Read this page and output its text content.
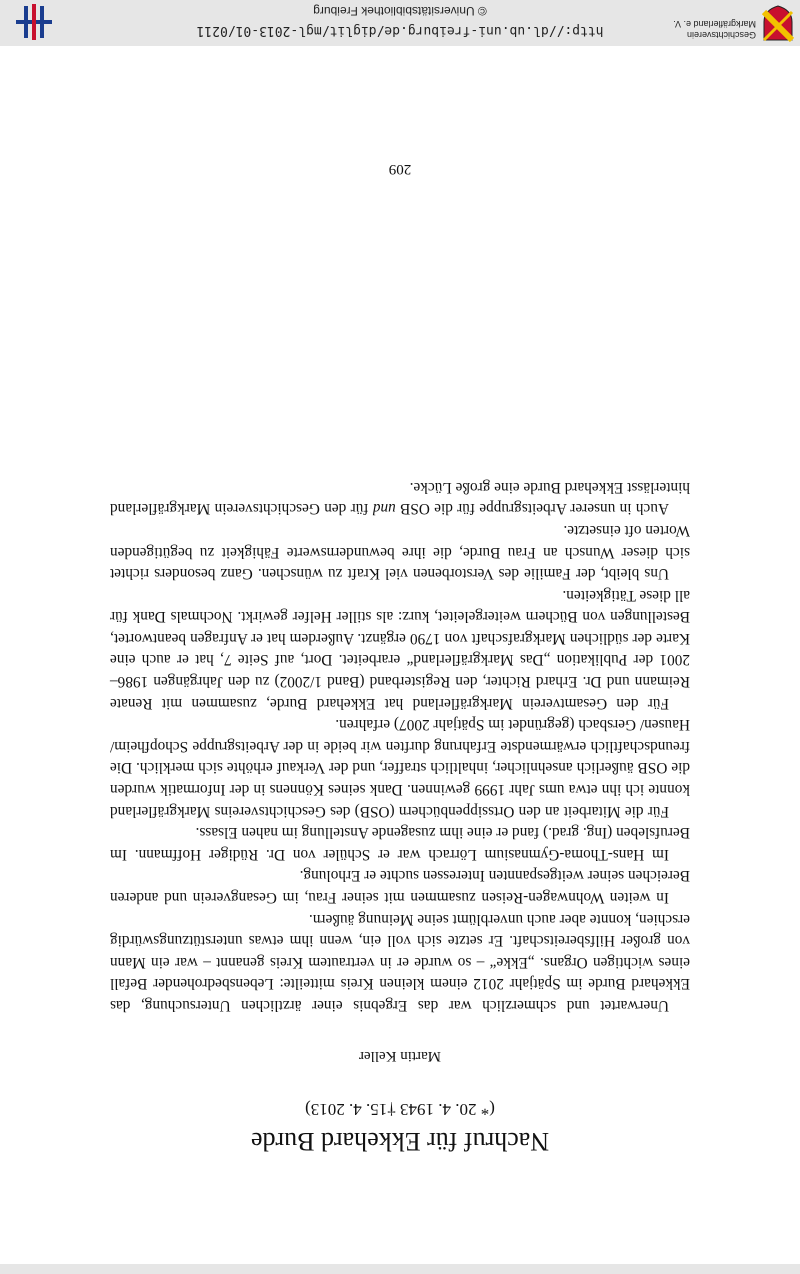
Nachruf für Ekkehard Burde
(* 20. 4. 1943 †15. 4. 2013)
Martin Keller

Unerwartet und schmerzlich war das Ergebnis einer ärztlichen Untersuchung, das Ekkehard Burde im Spätjahr 2012 einem kleinen Kreis mitteilte: Lebensbedrohender Befall eines wichtigen Organs. „Ekke“ – so wurde er in vertrautem Kreis genannt – war ein Mann von großer Hilfsbereitschaft. Er setzte sich voll ein, wenn ihm etwas unterstützungswürdig erschien, konnte aber auch unverblümt seine Meinung äußern.

In weiten Wohnwagen-Reisen zusammen mit seiner Frau, im Gesangverein und anderen Bereichen seiner weitgespannten Interessen suchte er Erholung.

Im Hans-Thoma-Gymnasium Lörrach war er Schüler von Dr. Rüdiger Hoffmann. Im Berufsleben (Ing. grad.) fand er eine ihm zusagende Anstellung im nahen Elsass.

Für die Mitarbeit an den Ortssippenbüchern (OSB) des Geschichtsvereins Markgräflerland konnte ich ihn etwa ums Jahr 1999 gewinnen. Dank seines Könnens in der Informatik wurden die OSB äußerlich ansehnlicher, inhaltlich straffer, und der Verkauf erhöhte sich merklich. Die freundschaftlich erwärmendste Erfahrung durften wir beide in der Arbeitsgruppe Schopfheim/ Hausen/ Gersbach (gegründet im Spätjahr 2007) erfahren.

Für den Gesamtverein Markgräflerland hat Ekkehard Burde, zusammen mit Renate Reimann und Dr. Erhard Richter, den Registerband (Band 1/2002) zu den Jahrgängen 1986–2001 der Publikation „Das Markgräflerland“ erarbeitet. Dort, auf Seite 7, hat er auch eine Karte der südlichen Markgrafschaft von 1790 ergänzt. Außerdem hat er Anfragen beantwortet, Bestellungen von Büchern weitergeleitet, kurz: als stiller Helfer gewirkt. Nochmals Dank für all diese Tätigkeiten.

Uns bleibt, der Familie des Verstorbenen viel Kraft zu wünschen. Ganz besonders richtet sich dieser Wunsch an Frau Burde, die ihre bewundernswerte Fähigkeit zu begütigenden Worten oft einsetzte.

Auch in unserer Arbeitsgruppe für die OSB und für den Geschichtsverein Markgräflerland hinterlässt Ekkehard Burde eine große Lücke.

209
http://dl.ub.uni-freiburg.de/diglit/mgl-2013-01/0211
© Universitätsbibliothek Freiburg
Geschichtsverein
Markgräflerland e. V.
